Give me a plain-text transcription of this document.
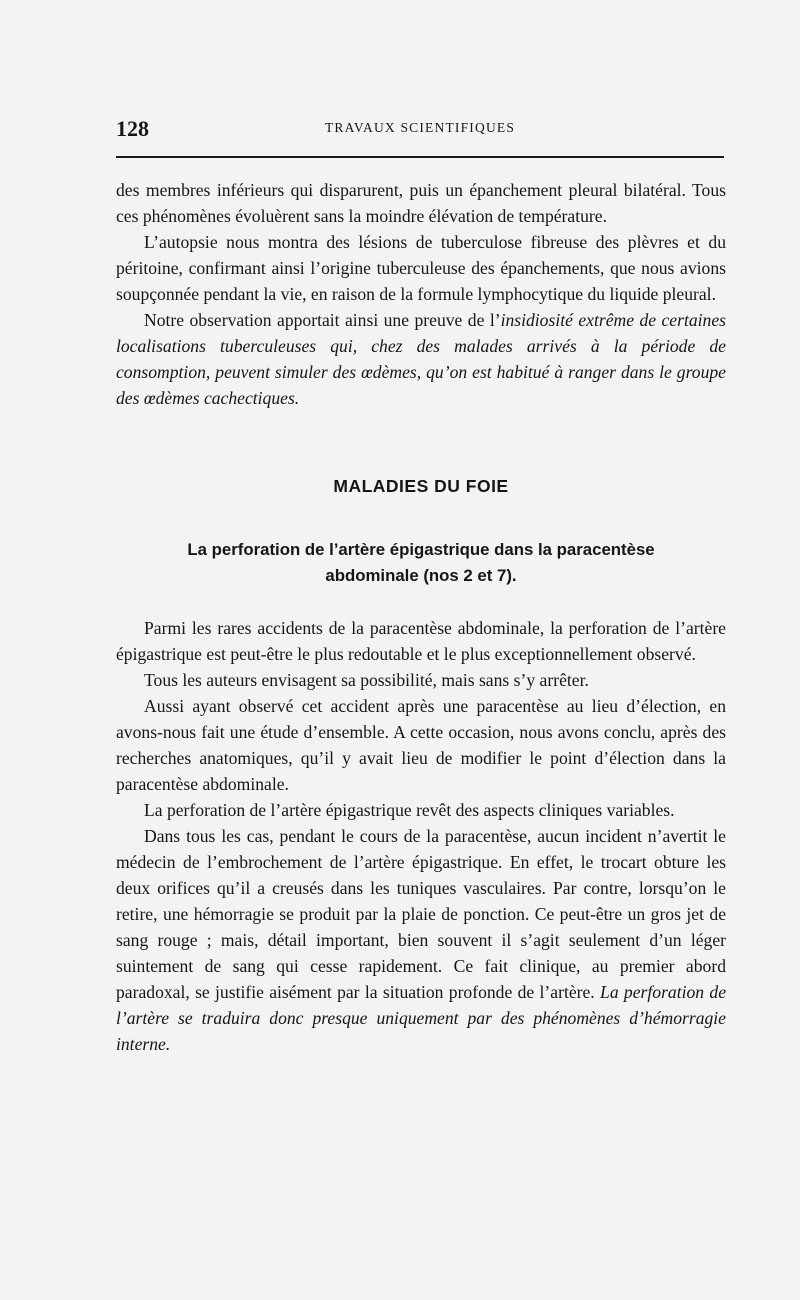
128	TRAVAUX SCIENTIFIQUES

des membres inférieurs qui disparurent, puis un épanchement pleural bilatéral. Tous ces phénomènes évoluèrent sans la moindre élévation de température.

L’autopsie nous montra des lésions de tuberculose fibreuse des plèvres et du péritoine, confirmant ainsi l’origine tuberculeuse des épanchements, que nous avions soupçonnée pendant la vie, en raison de la formule lymphocytique du liquide pleural.

Notre observation apportait ainsi une preuve de l’insidiosité extrême de certaines localisations tuberculeuses qui, chez des malades arrivés à la période de consomption, peuvent simuler des œdèmes, qu’on est habitué à ranger dans le groupe des œdèmes cachectiques.

MALADIES DU FOIE
La perforation de l’artère épigastrique dans la paracentèse
abdominale (nos 2 et 7).

Parmi les rares accidents de la paracentèse abdominale, la perforation de l’artère épigastrique est peut-être le plus redoutable et le plus exceptionnellement observé.

Tous les auteurs envisagent sa possibilité, mais sans s’y arrêter.

Aussi ayant observé cet accident après une paracentèse au lieu d’élection, en avons-nous fait une étude d’ensemble. A cette occasion, nous avons conclu, après des recherches anatomiques, qu’il y avait lieu de modifier le point d’élection dans la paracentèse abdominale.

La perforation de l’artère épigastrique revêt des aspects cliniques variables.

Dans tous les cas, pendant le cours de la paracentèse, aucun incident n’avertit le médecin de l’embrochement de l’artère épigastrique. En effet, le trocart obture les deux orifices qu’il a creusés dans les tuniques vasculaires. Par contre, lorsqu’on le retire, une hémorragie se produit par la plaie de ponction. Ce peut-être un gros jet de sang rouge ; mais, détail important, bien souvent il s’agit seulement d’un léger suintement de sang qui cesse rapidement. Ce fait clinique, au premier abord paradoxal, se justifie aisément par la situation profonde de l’artère. La perforation de l’artère se traduira donc presque uniquement par des phénomènes d’hémorragie interne.
